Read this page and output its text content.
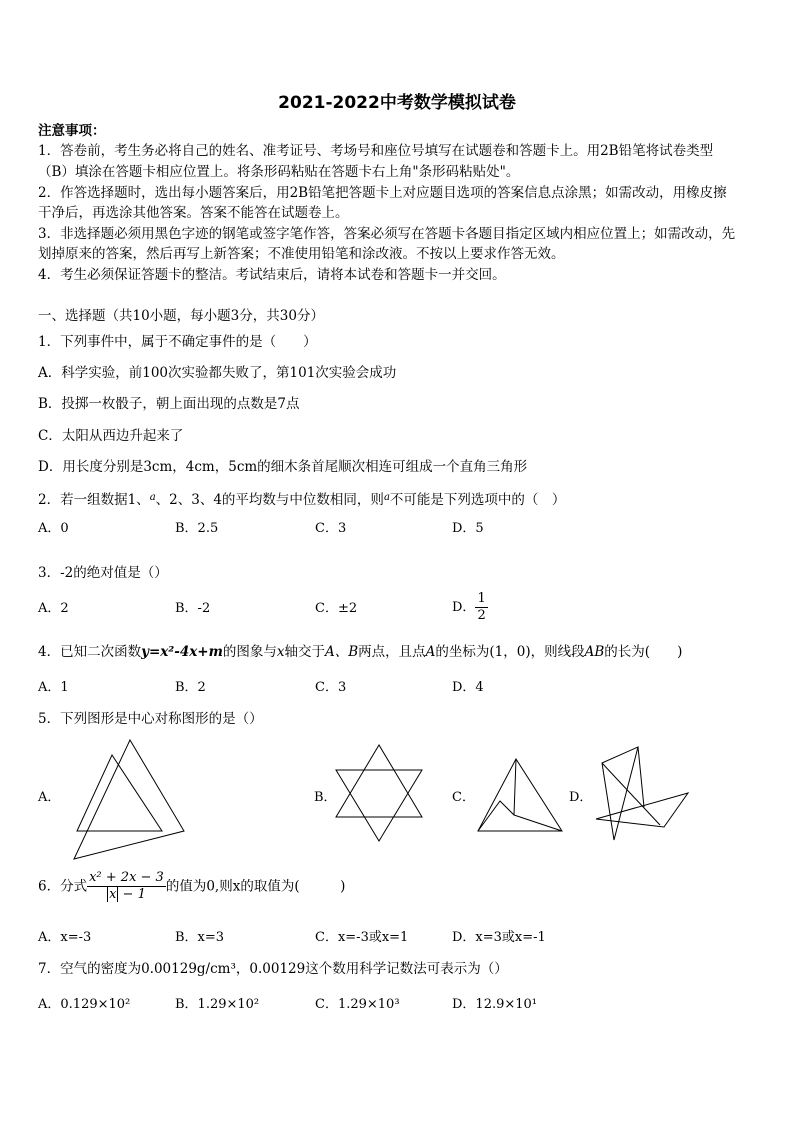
2021-2022中考数学模拟试卷
注意事项：
1．答卷前，考生务必将自己的姓名、准考证号、考场号和座位号填写在试题卷和答题卡上。用2B铅笔将试卷类型
（B）填涂在答题卡相应位置上。将条形码粘贴在答题卡右上角"条形码粘贴处"。
2．作答选择题时，选出每小题答案后，用2B铅笔把答题卡上对应题目选项的答案信息点涂黑；如需改动，用橡皮擦
干净后，再选涂其他答案。答案不能答在试题卷上。
3．非选择题必须用黑色字迹的钢笔或签字笔作答，答案必须写在答题卡各题目指定区域内相应位置上；如需改动，先
划掉原来的答案，然后再写上新答案；不准使用铅笔和涂改液。不按以上要求作答无效。
4．考生必须保证答题卡的整洁。考试结束后，请将本试卷和答题卡一并交回。
一、选择题（共10小题，每小题3分，共30分）
1．下列事件中，属于不确定事件的是（　　）
A．科学实验，前100次实验都失败了，第101次实验会成功
B．投掷一枚骰子，朝上面出现的点数是7点
C．太阳从西边升起来了
D．用长度分别是3cm，4cm，5cm的细木条首尾顺次相连可组成一个直角三角形
2．若一组数据1、$^a$、2、3、4的平均数与中位数相同，则$^a$不可能是下列选项中的（　）
A．0	B．2.5	C．3	D．5
3．-2的绝对值是（）
A．2	B．-2	C．±2	D． $\frac{1}{2}$
4．已知二次函数y=x²-4x+m的图象与x轴交于A、B两点，且点A的坐标为(1，0)，则线段AB的长为(　　)
A．1	B．2	C．3	D．4
5．下列图形是中心对称图形的是（）
A．	B．	C．	D．
6．分式 $\frac{\text{x² + 2x − 3}}{x - 1}$ 的值为0,则x的取值为(　　　)
A．x=-3	B．x=3	C．x=-3或x=1	D．x=3或x=-1
7．空气的密度为0.00129g/cm³，0.00129这个数用科学记数法可表示为（）
A．0.129×10²	B．1.29×10²	C．1.29×10³	D．12.9×10¹
